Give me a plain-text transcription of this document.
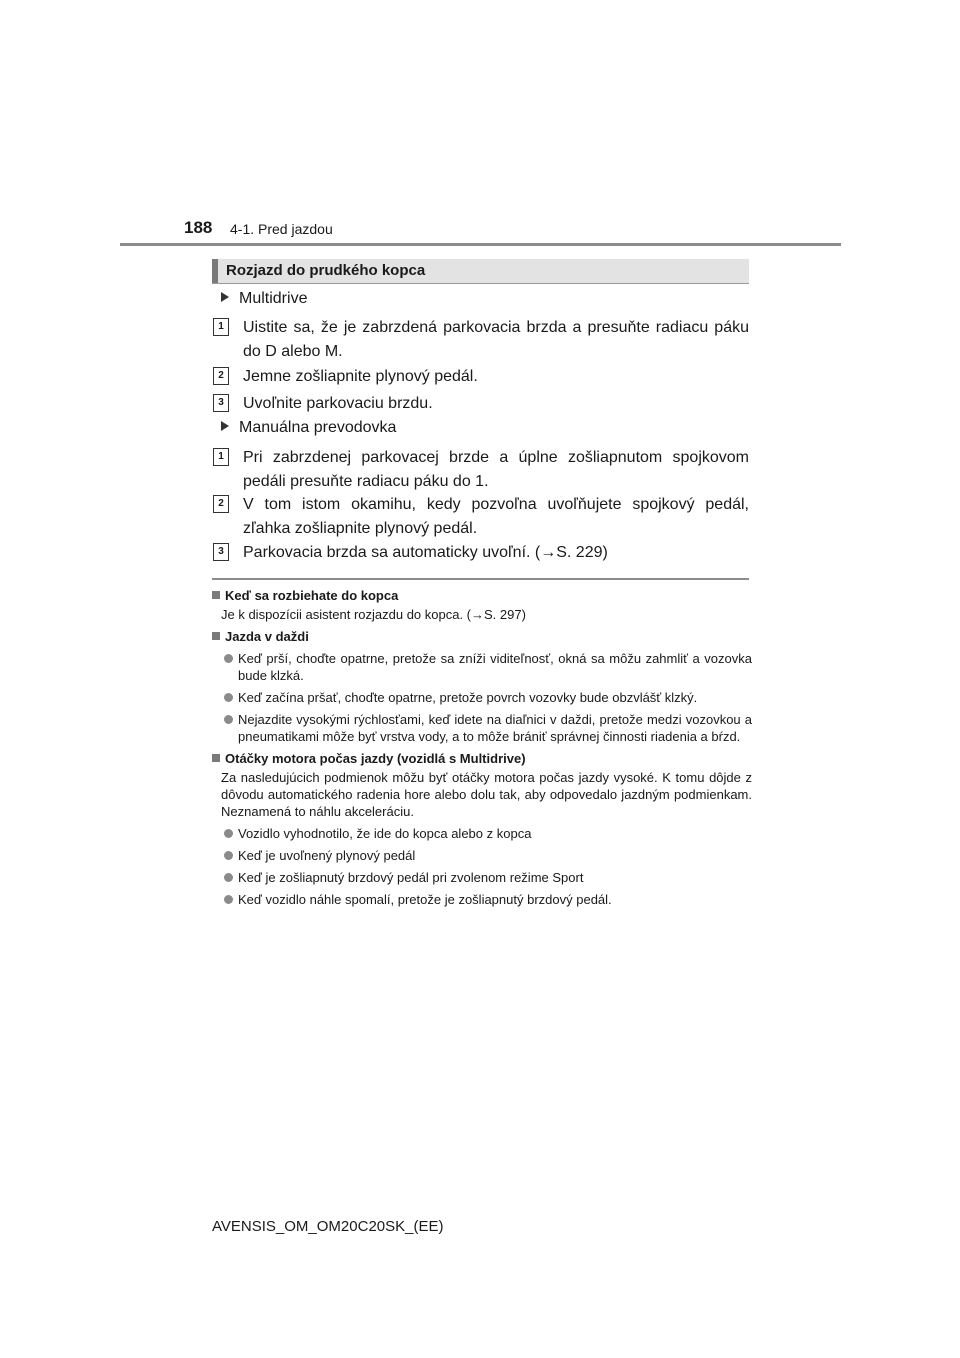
188 4-1. Pred jazdou
Rozjazd do prudkého kopca
Multidrive
1	Uistite sa, že je zabrzdená parkovacia brzda a presuňte radiacu páku do D alebo M.
2	Jemne zošliapnite plynový pedál.
3	Uvoľnite parkovaciu brzdu.
Manuálna prevodovka
1	Pri zabrzdenej parkovacej brzde a úplne zošliapnutom spojkovom pedáli presuňte radiacu páku do 1.
2	V tom istom okamihu, kedy pozvoľna uvoľňujete spojkový pedál, zľahka zošliapnite plynový pedál.
3	Parkovacia brzda sa automaticky uvoľní. (→S. 229)
Keď sa rozbiehate do kopca
Je k dispozícii asistent rozjazdu do kopca. (→S. 297)
Jazda v daždi
Keď prší, choďte opatrne, pretože sa zníži viditeľnosť, okná sa môžu zahmliť a vozovka bude klzká.
Keď začína pršať, choďte opatrne, pretože povrch vozovky bude obzvlášť klzký.
Nejazdite vysokými rýchlosťami, keď idete na diaľnici v daždi, pretože medzi vozovkou a pneumatikami môže byť vrstva vody, a to môže brániť správnej činnosti riadenia a bŕzd.
Otáčky motora počas jazdy (vozidlá s Multidrive)
Za nasledujúcich podmienok môžu byť otáčky motora počas jazdy vysoké. K tomu dôjde z dôvodu automatického radenia hore alebo dolu tak, aby odpovedalo jazdným podmienkam. Neznamená to náhlu akceleráciu.
Vozidlo vyhodnotilo, že ide do kopca alebo z kopca
Keď je uvoľnený plynový pedál
Keď je zošliapnutý brzdový pedál pri zvolenom režime Sport
Keď vozidlo náhle spomalí, pretože je zošliapnutý brzdový pedál.
AVENSIS_OM_OM20C20SK_(EE)
